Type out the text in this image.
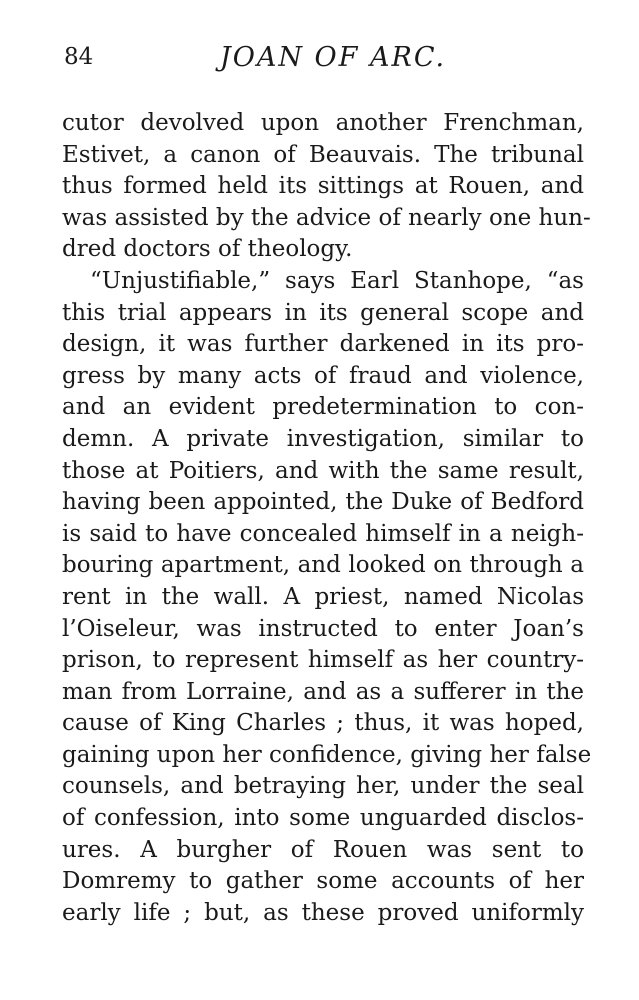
84	JOAN OF ARC.
cutor devolved upon another Frenchman,
Estivet, a canon of Beauvais. The tribunal
thus formed held its sittings at Rouen, and
was assisted by the advice of nearly one hun-
dred doctors of theology.
“Unjustifiable,” says Earl Stanhope, “as
this trial appears in its general scope and
design, it was further darkened in its pro-
gress by many acts of fraud and violence,
and an evident predetermination to con-
demn. A private investigation, similar to
those at Poitiers, and with the same result,
having been appointed, the Duke of Bedford
is said to have concealed himself in a neigh-
bouring apartment, and looked on through a
rent in the wall. A priest, named Nicolas
l’Oiseleur, was instructed to enter Joan’s
prison, to represent himself as her country-
man from Lorraine, and as a sufferer in the
cause of King Charles ; thus, it was hoped,
gaining upon her confidence, giving her false
counsels, and betraying her, under the seal
of confession, into some unguarded disclos-
ures. A burgher of Rouen was sent to
Domremy to gather some accounts of her
early life ; but, as these proved uniformly
